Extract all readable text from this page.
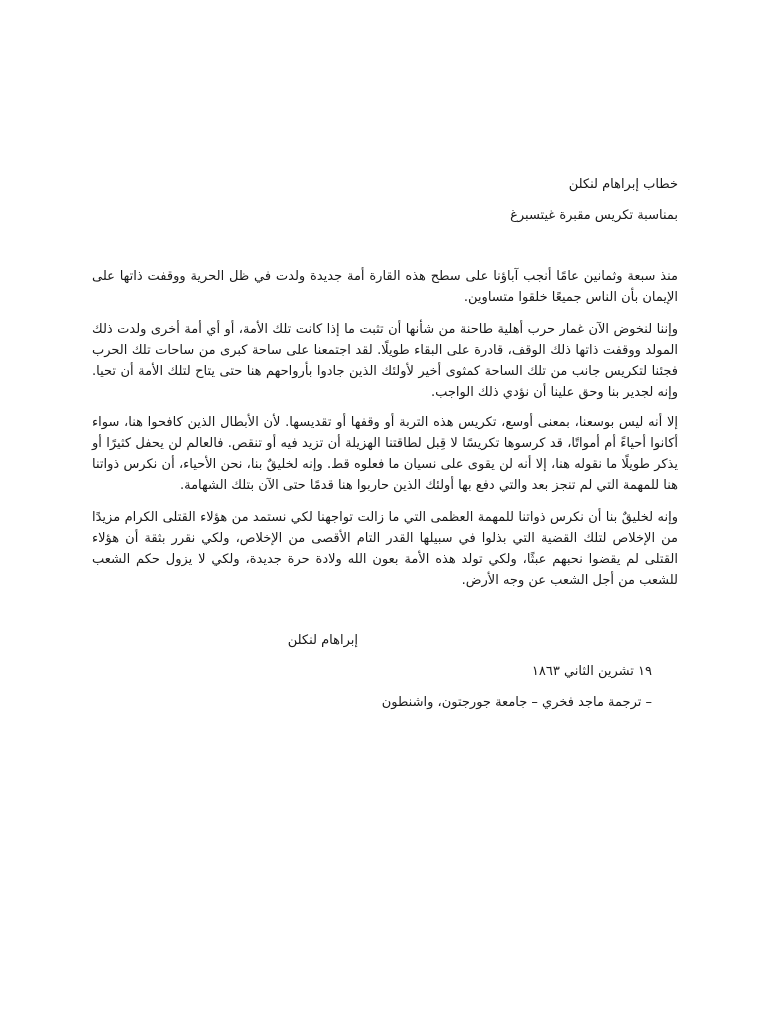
خطاب إبراهام لنكلن

بمناسبة تكريس مقبرة غيتسبرغ

منذ سبعة وثمانين عامًا أنجب آباؤنا على سطح هذه القارة أمة جديدة ولدت في ظل الحرية ووقفت ذاتها على الإيمان بأن الناس جميعًا خلقوا متساوين.

وإننا لنخوض الآن غمار حرب أهلية طاحنة من شأنها أن تثبت ما إذا كانت تلك الأمة، أو أي أمة أخرى ولدت ذلك المولد ووقفت ذاتها ذلك الوقف، قادرة على البقاء طويلًا. لقد اجتمعنا على ساحة كبرى من ساحات تلك الحرب فجئنا لتكريس جانب من تلك الساحة كمثوى أخير لأولئك الذين جادوا بأرواحهم هنا حتى يتاح لتلك الأمة أن تحيا. وإنه لجدير بنا وحق علينا أن نؤدي ذلك الواجب.

إلا أنه ليس بوسعنا، بمعنى أوسع، تكريس هذه التربة أو وقفها أو تقديسها. لأن الأبطال الذين كافحوا هنا، سواء أكانوا أحياءً أم أمواتًا، قد كرسوها تكريسًا لا قِبل لطاقتنا الهزيلة أن تزيد فيه أو تنقص. فالعالم لن يحفل كثيرًا أو يذكر طويلًا ما نقوله هنا، إلا أنه لن يقوى على نسيان ما فعلوه قط. وإنه لخليقٌ بنا، نحن الأحياء، أن نكرس ذواتنا هنا للمهمة التي لم تنجز بعد والتي دفع بها أولئك الذين حاربوا هنا قدمًا حتى الآن بتلك الشهامة.

وإنه لخليقٌ بنا أن نكرس ذواتنا للمهمة العظمى التي ما زالت تواجهنا لكي نستمد من هؤلاء القتلى الكرام مزيدًا من الإخلاص لتلك القضية التي بذلوا في سبيلها القدر التام الأقصى من الإخلاص، ولكي نقرر بثقة أن هؤلاء القتلى لم يقضوا نحبهم عبثًا، ولكي تولد هذه الأمة بعون الله ولادة حرة جديدة، ولكي لا يزول حكم الشعب للشعب من أجل الشعب عن وجه الأرض.

إبراهام لنكلن
١٩ تشرين الثاني ١٨٦٣
– ترجمة ماجد فخري – جامعة جورجتون، واشنطون
